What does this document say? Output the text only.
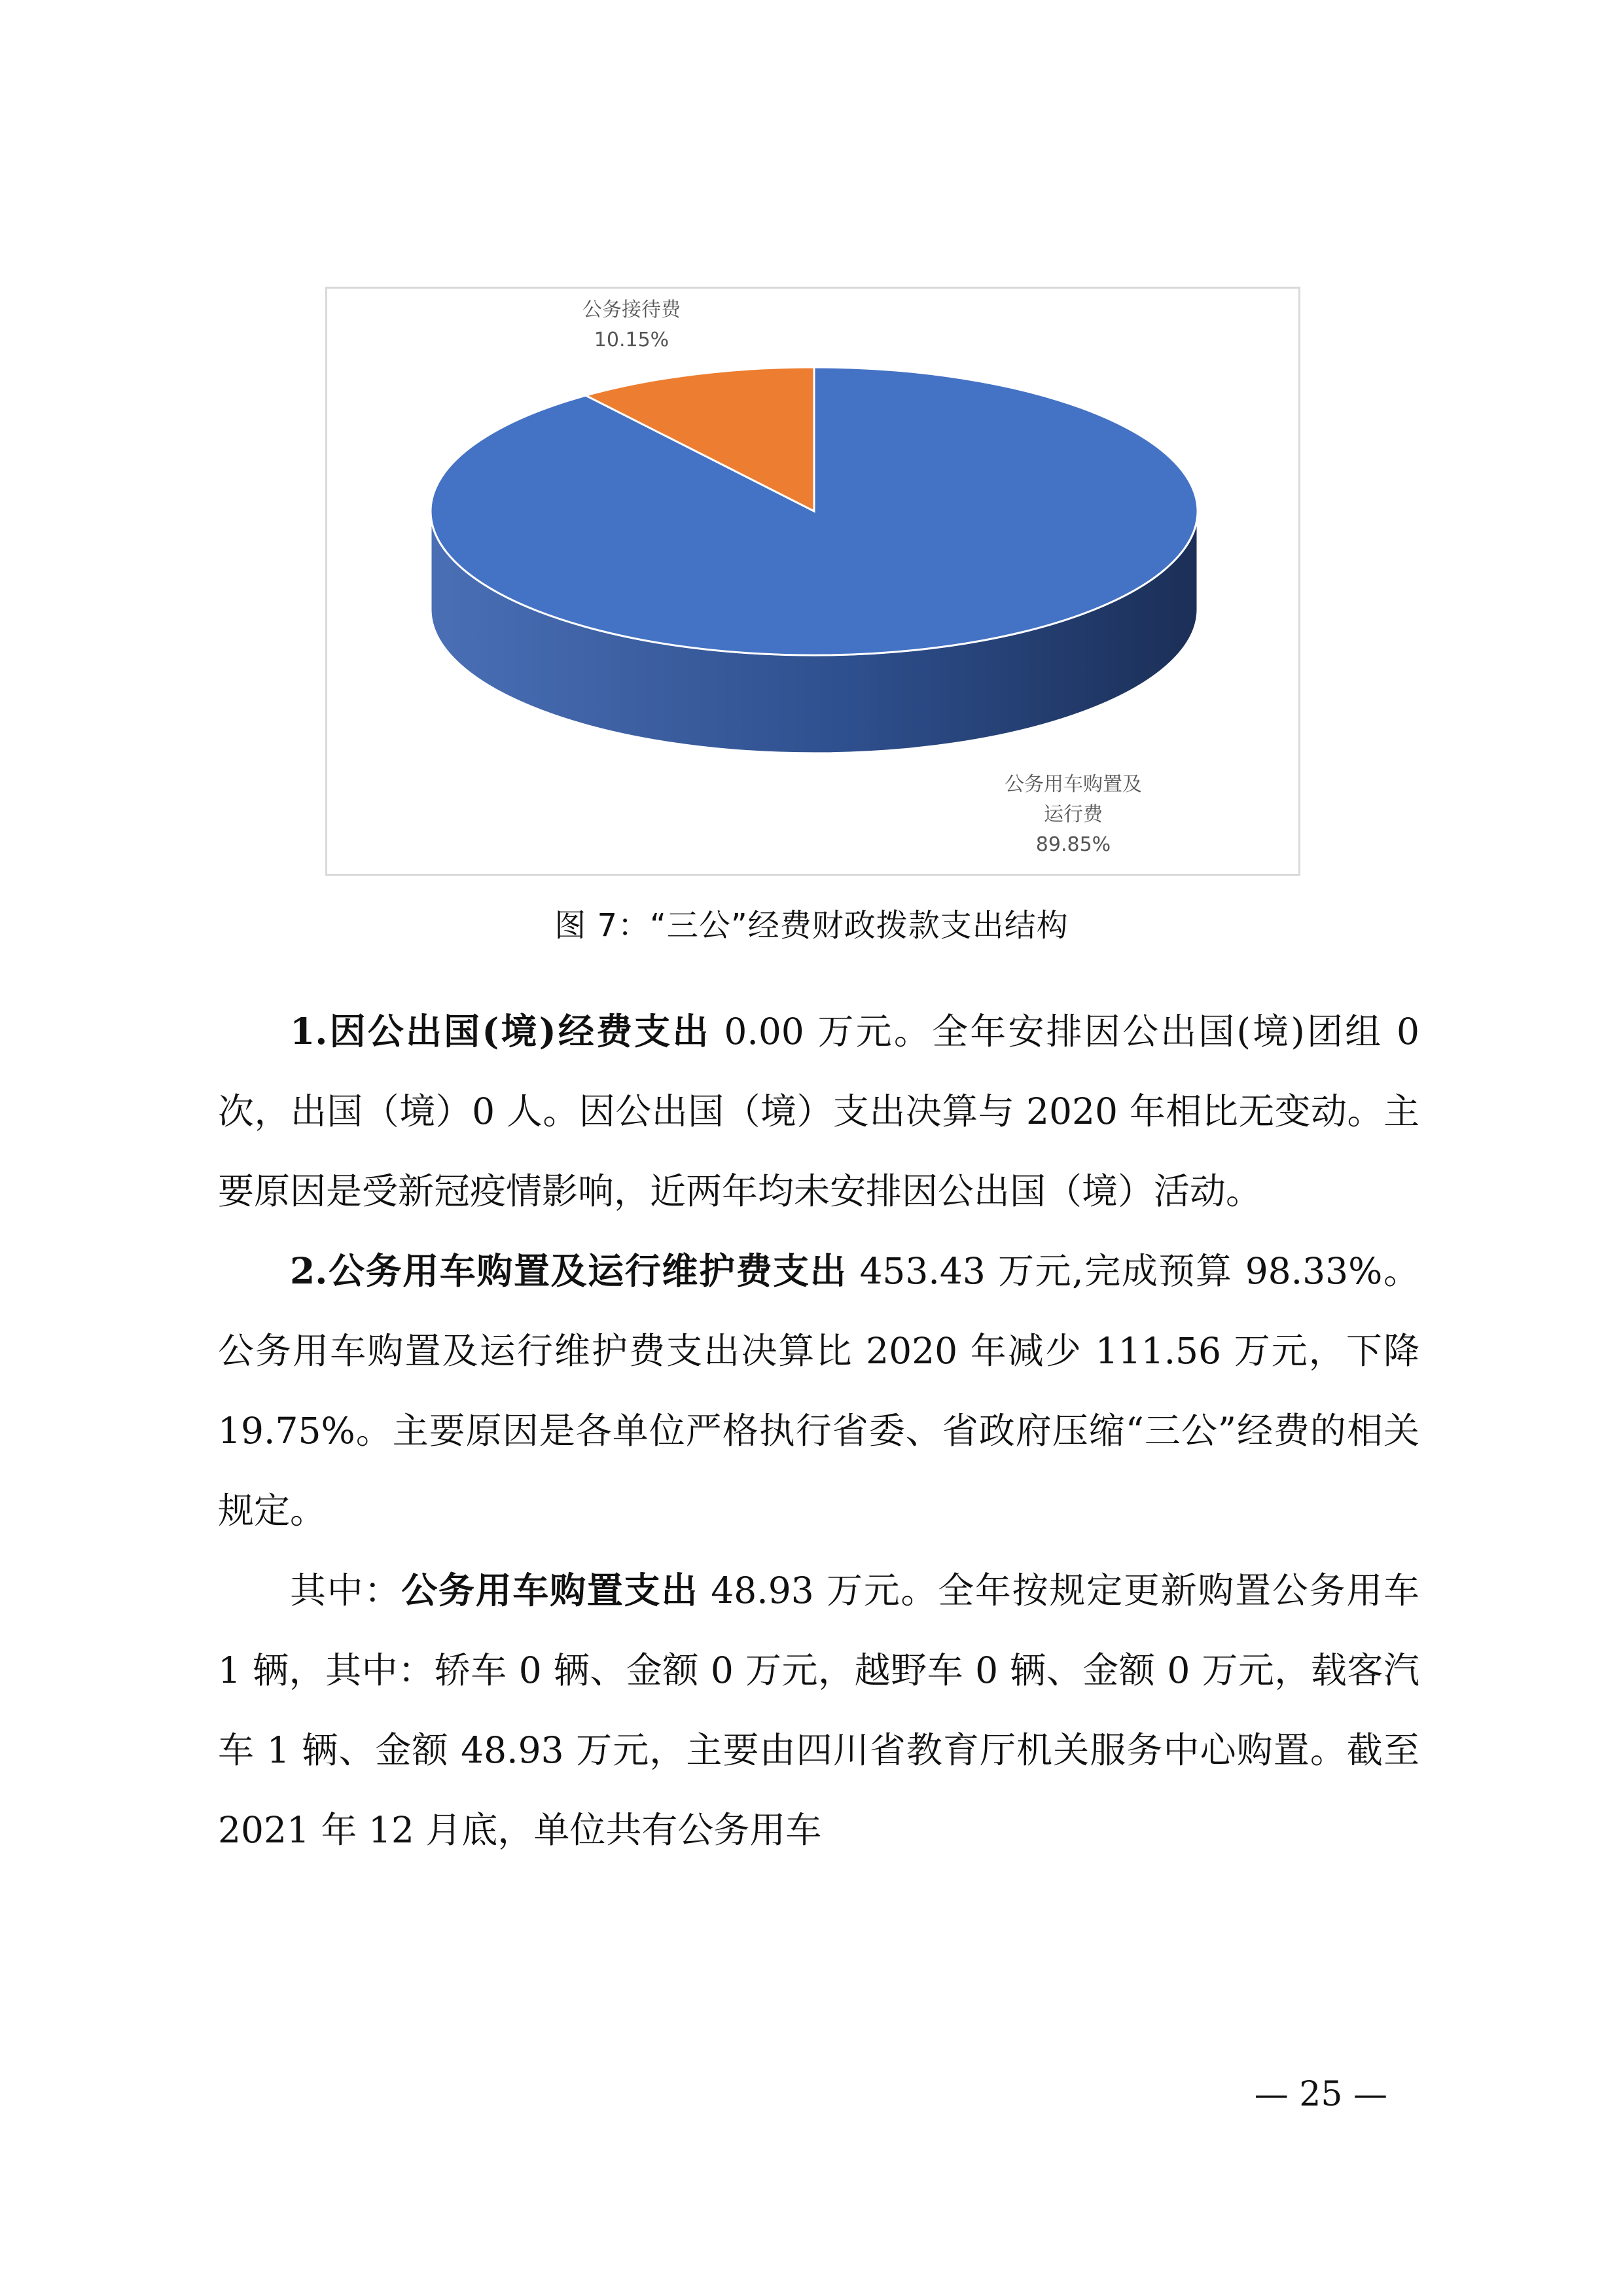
公务接待费
10.15%
公务用车购置及
运行费
89.85%
图 7：“三公”经费财政拨款支出结构

1.因公出国(境)经费支出 0.00 万元。全年安排因公出国(境)团组 0 次，出国（境）0 人。因公出国（境）支出决算与 2020 年相比无变动。主要原因是受新冠疫情影响，近两年均未安排因公出国（境）活动。

2.公务用车购置及运行维护费支出 453.43 万元,完成预算 98.33%。公务用车购置及运行维护费支出决算比 2020 年减少 111.56 万元，下降 19.75%。主要原因是各单位严格执行省委、省政府压缩“三公”经费的相关规定。

其中：公务用车购置支出 48.93 万元。全年按规定更新购置公务用车 1 辆，其中：轿车 0 辆、金额 0 万元，越野车 0 辆、金额 0 万元，载客汽车 1 辆、金额 48.93 万元，主要由四川省教育厅机关服务中心购置。截至 2021 年 12 月底，单位共有公务用车

— 25 —
